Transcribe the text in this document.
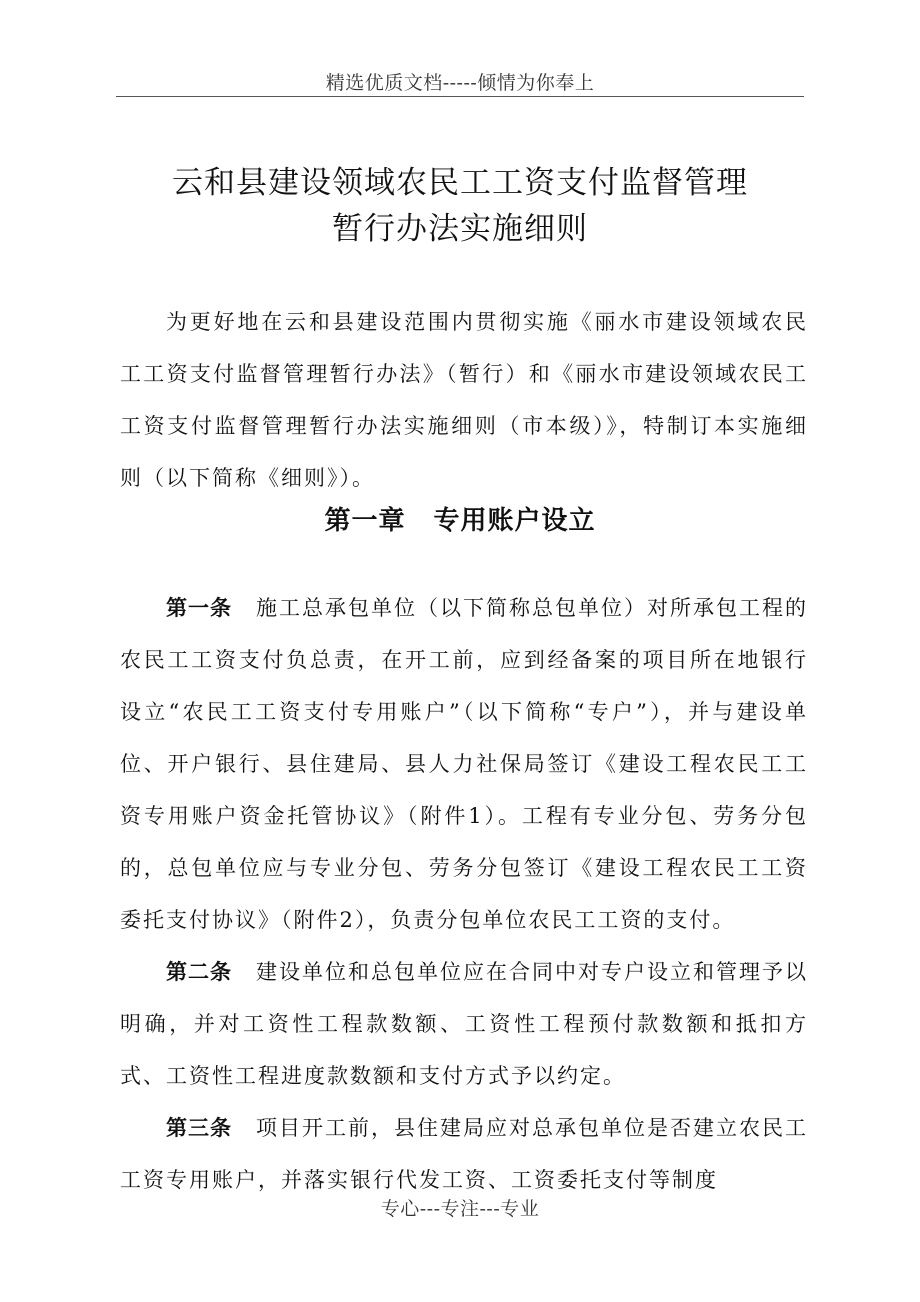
精选优质文档-----倾情为你奉上
云和县建设领域农民工工资支付监督管理
暂行办法实施细则

为更好地在云和县建设范围内贯彻实施《丽水市建设领域农民工工资支付监督管理暂行办法》（暂行）和《丽水市建设领域农民工工资支付监督管理暂行办法实施细则（市本级）》，特制订本实施细则（以下简称《细则》）。

第一章 专用账户设立

第一条 施工总承包单位（以下简称总包单位）对所承包工程的农民工工资支付负总责，在开工前，应到经备案的项目所在地银行设立“农民工工资支付专用账户”（以下简称“专户”），并与建设单位、开户银行、县住建局、县人力社保局签订《建设工程农民工工资专用账户资金托管协议》（附件1）。工程有专业分包、劳务分包的，总包单位应与专业分包、劳务分包签订《建设工程农民工工资委托支付协议》（附件2），负责分包单位农民工工资的支付。

第二条 建设单位和总包单位应在合同中对专户设立和管理予以明确，并对工资性工程款数额、工资性工程预付款数额和抵扣方式、工资性工程进度款数额和支付方式予以约定。

第三条 项目开工前，县住建局应对总承包单位是否建立农民工工资专用账户，并落实银行代发工资、工资委托支付等制度

专心---专注---专业
